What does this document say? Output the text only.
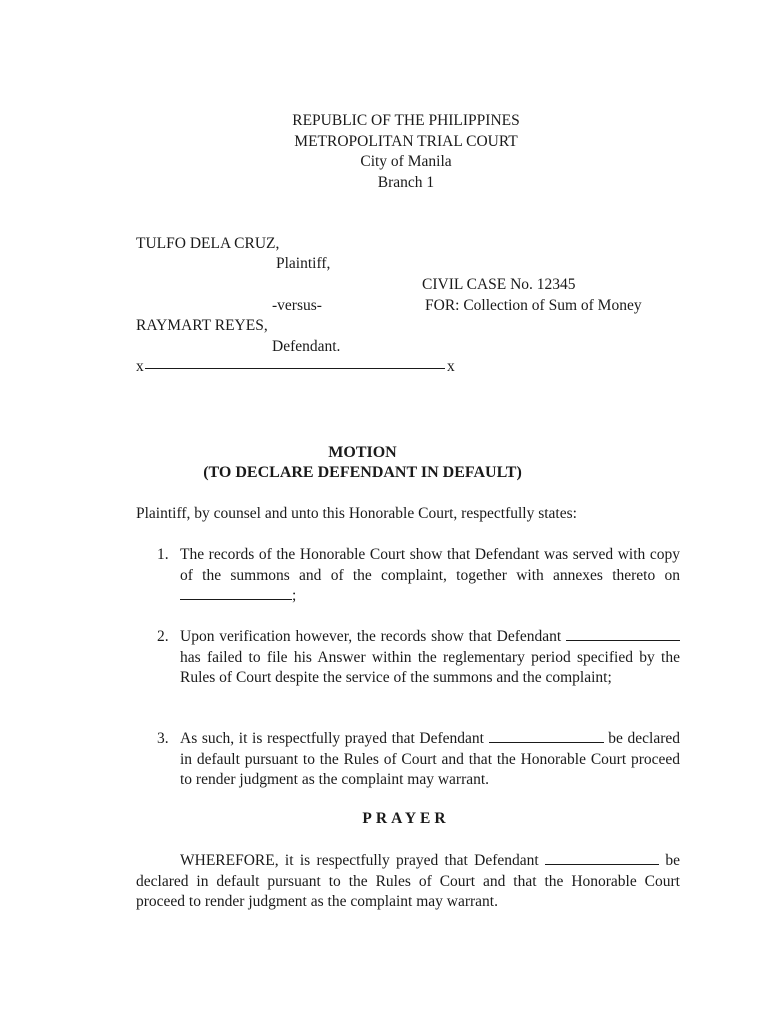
REPUBLIC OF THE PHILIPPINES
METROPOLITAN TRIAL COURT
City of Manila
Branch 1
TULFO DELA CRUZ,
Plaintiff,
CIVIL CASE No. 12345
-versus-	FOR: Collection of Sum of Money
RAYMART REYES,
Defendant.
x	x
MOTION
(TO DECLARE DEFENDANT IN DEFAULT)
Plaintiff, by counsel and unto this Honorable Court, respectfully states:
1. The records of the Honorable Court show that Defendant was served with copy of the summons and of the complaint, together with annexes thereto on ;
2. Upon verification however, the records show that Defendant  has failed to file his Answer within the reglementary period specified by the Rules of Court despite the service of the summons and the complaint;
3. As such, it is respectfully prayed that Defendant	be declared in default pursuant to the Rules of Court and that the Honorable Court proceed to render judgment as the complaint may warrant.
PRAYER
WHEREFORE, it is respectfully prayed that Defendant	be declared in default pursuant to the Rules of Court and that the Honorable Court proceed to render judgment as the complaint may warrant.
